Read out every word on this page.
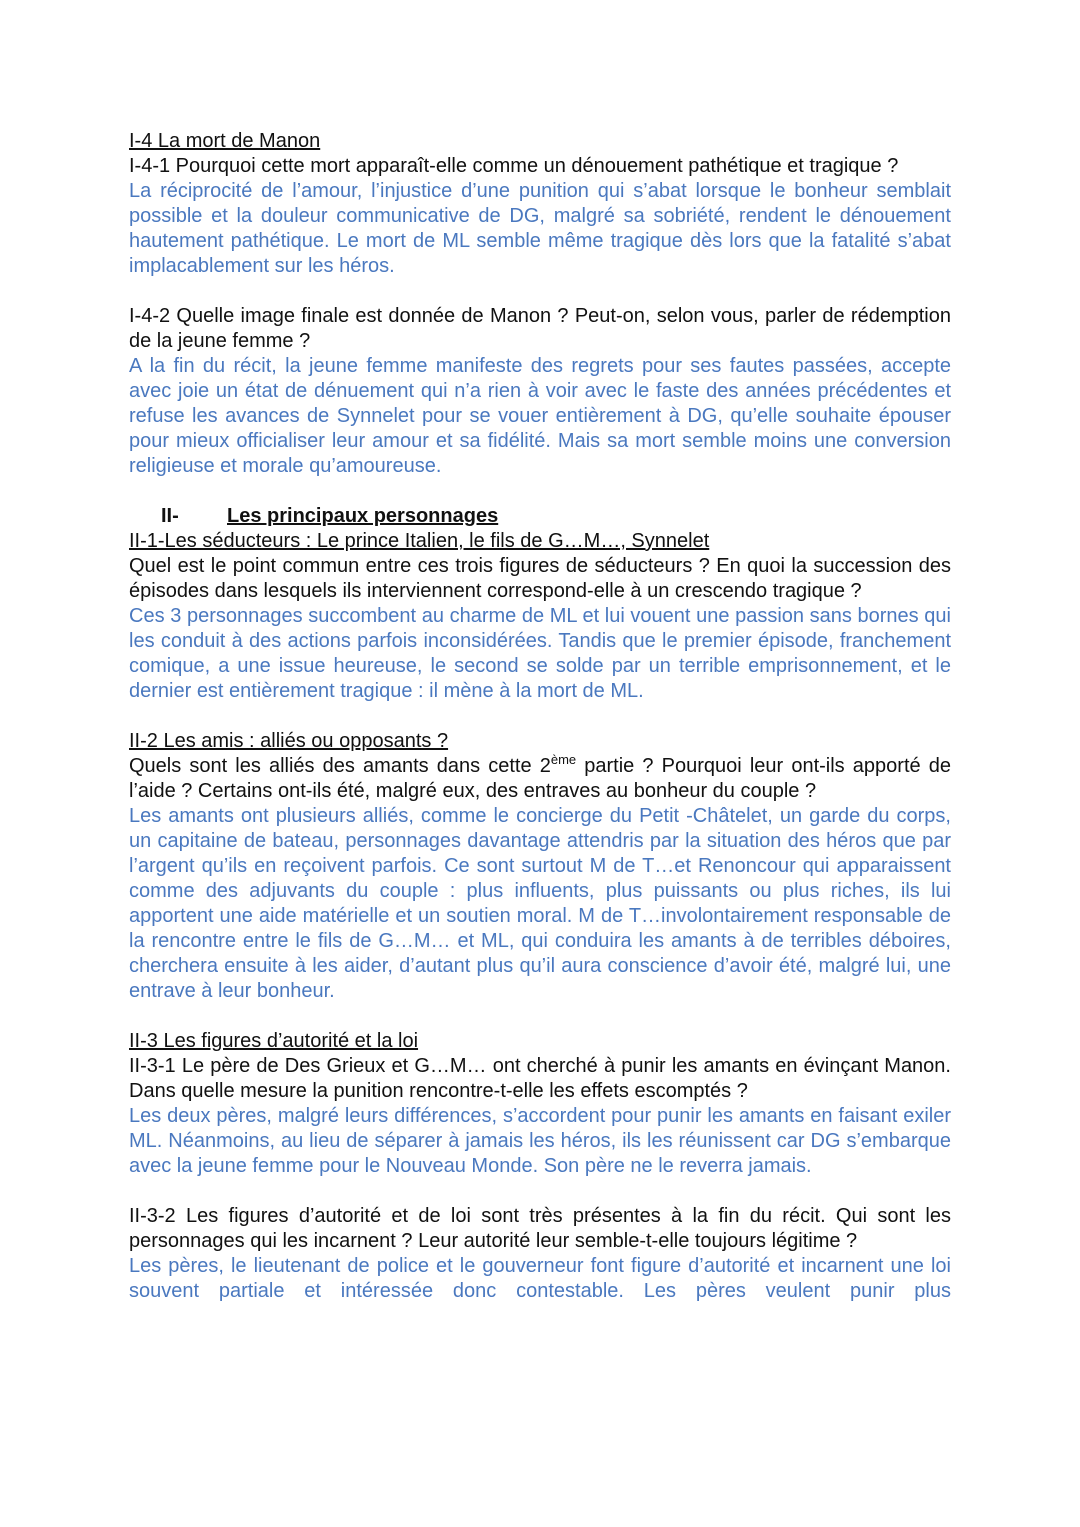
I-4 La mort de Manon

I-4-1 Pourquoi cette mort apparaît-elle comme un dénouement pathétique et tragique ?

La réciprocité de l’amour, l’injustice d’une punition qui s’abat lorsque le bonheur semblait possible et la douleur communicative de DG, malgré sa sobriété, rendent le dénouement hautement pathétique. Le mort de ML semble même tragique dès lors que la fatalité s’abat implacablement sur les héros.

I-4-2 Quelle image finale est donnée de Manon ? Peut-on, selon vous, parler de rédemption de la jeune femme ?

A la fin du récit, la jeune femme manifeste des regrets pour ses fautes passées, accepte avec joie un état de dénuement qui n’a rien à voir avec le faste des années précédentes et refuse les avances de Synnelet pour se vouer entièrement à DG, qu’elle souhaite épouser pour mieux officialiser leur amour et sa fidélité. Mais sa mort semble moins une conversion religieuse et morale qu’amoureuse.

II-	Les principaux personnages

II-1-Les séducteurs : Le prince Italien, le fils de G…M…, Synnelet

Quel est le point commun entre ces trois figures de séducteurs ? En quoi la succession des épisodes dans lesquels ils interviennent correspond-elle à un crescendo tragique ?

Ces 3 personnages succombent au charme de ML et lui vouent une passion sans bornes qui les conduit à des actions parfois inconsidérées. Tandis que le premier épisode, franchement comique, a une issue heureuse, le second se solde par un terrible emprisonnement, et le dernier est entièrement tragique : il mène à la mort de ML.

II-2 Les amis : alliés ou opposants ?

Quels sont les alliés des amants dans cette 2ème partie ? Pourquoi leur ont-ils apporté de l’aide ? Certains ont-ils été, malgré eux, des entraves au bonheur du couple ?

Les amants ont plusieurs alliés, comme le concierge du Petit -Châtelet, un garde du corps, un capitaine de bateau, personnages davantage attendris par la situation des héros que par l’argent qu’ils en reçoivent parfois. Ce sont surtout M de T…et Renoncour qui apparaissent comme des adjuvants du couple : plus influents, plus puissants ou plus riches, ils lui apportent une aide matérielle et un soutien moral. M de T…involontairement responsable de la rencontre entre le fils de G…M… et ML, qui conduira les amants à de terribles déboires, cherchera ensuite à les aider, d’autant plus qu’il aura conscience d’avoir été, malgré lui, une entrave à leur bonheur.

II-3 Les figures d’autorité et la loi

II-3-1 Le père de Des Grieux et G…M… ont cherché à punir les amants en évinçant Manon. Dans quelle mesure la punition rencontre-t-elle les effets escomptés ?

Les deux pères, malgré leurs différences, s’accordent pour punir les amants en faisant exiler ML. Néanmoins, au lieu de séparer à jamais les héros, ils les réunissent car DG s’embarque avec la jeune femme pour le Nouveau Monde. Son père ne le reverra jamais.

II-3-2 Les figures d’autorité et de loi sont très présentes à la fin du récit. Qui sont les personnages qui les incarnent ? Leur autorité leur semble-t-elle toujours légitime ?

Les pères, le lieutenant de police et le gouverneur font figure d’autorité et incarnent une loi souvent partiale et intéressée donc contestable. Les pères veulent punir plus
